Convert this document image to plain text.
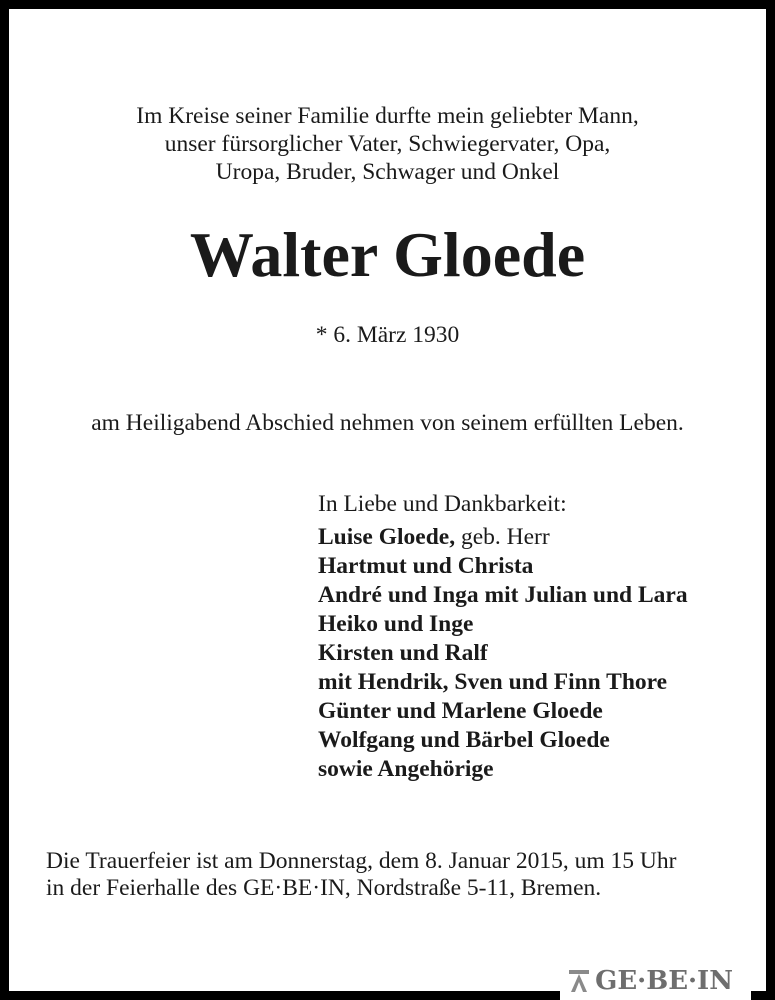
Im Kreise seiner Familie durfte mein geliebter Mann,
unser fürsorglicher Vater, Schwiegervater, Opa,
Uropa, Bruder, Schwager und Onkel
Walter Gloede
* 6. März 1930
am Heiligabend Abschied nehmen von seinem erfüllten Leben.
In Liebe und Dankbarkeit:
Luise Gloede, geb. Herr
Hartmut und Christa
André und Inga mit Julian und Lara
Heiko und Inge
Kirsten und Ralf
mit Hendrik, Sven und Finn Thore
Günter und Marlene Gloede
Wolfgang und Bärbel Gloede
sowie Angehörige
Die Trauerfeier ist am Donnerstag, dem 8. Januar 2015, um 15 Uhr
in der Feierhalle des GE·BE·IN, Nordstraße 5-11, Bremen.
GE·BE·IN
